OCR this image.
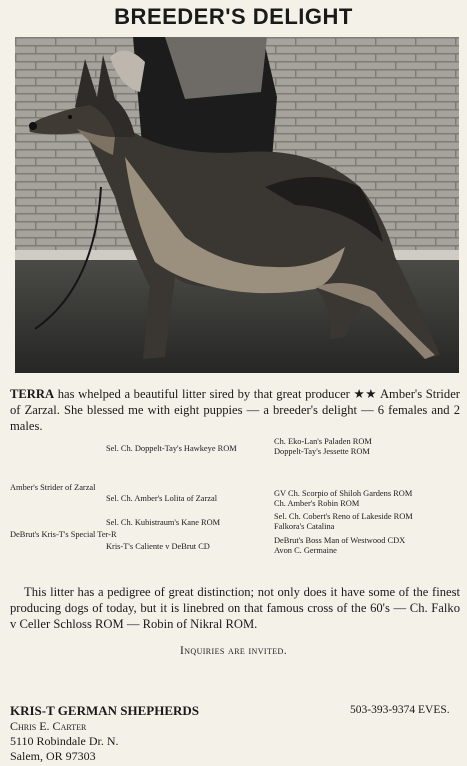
BREEDER'S DELIGHT
TERRA has whelped a beautiful litter sired by that great producer ★★ Amber's Strider of Zarzal. She blessed me with eight puppies — a breeder's delight — 6 females and 2 males.
Sel. Ch. Doppelt-Tay's Hawkeye ROM
Amber's Strider of Zarzal
Sel. Ch. Amber's Lolita of Zarzal
Sel. Ch. Kubistraum's Kane ROM
DeBrut's Kris-T's Special Ter-R
Kris-T's Caliente v DeBrut CD
Ch. Eko-Lan's Paladen ROM
Doppelt-Tay's Jessette ROM
GV Ch. Scorpio of Shiloh Gardens ROM
Ch. Amber's Robin ROM
Sel. Ch. Cobert's Reno of Lakeside ROM
Falkora's Catalina
DeBrut's Boss Man of Westwood CDX
Avon C. Germaine
This litter has a pedigree of great distinction; not only does it have some of the finest producing dogs of today, but it is linebred on that famous cross of the 60's — Ch. Falko v Celler Schloss ROM — Robin of Nikral ROM.
Inquiries are invited.
KRIS-T GERMAN SHEPHERDS	503-393-9374 EVES.
Chris E. Carter
5110 Robindale Dr. N.
Salem, OR 97303
